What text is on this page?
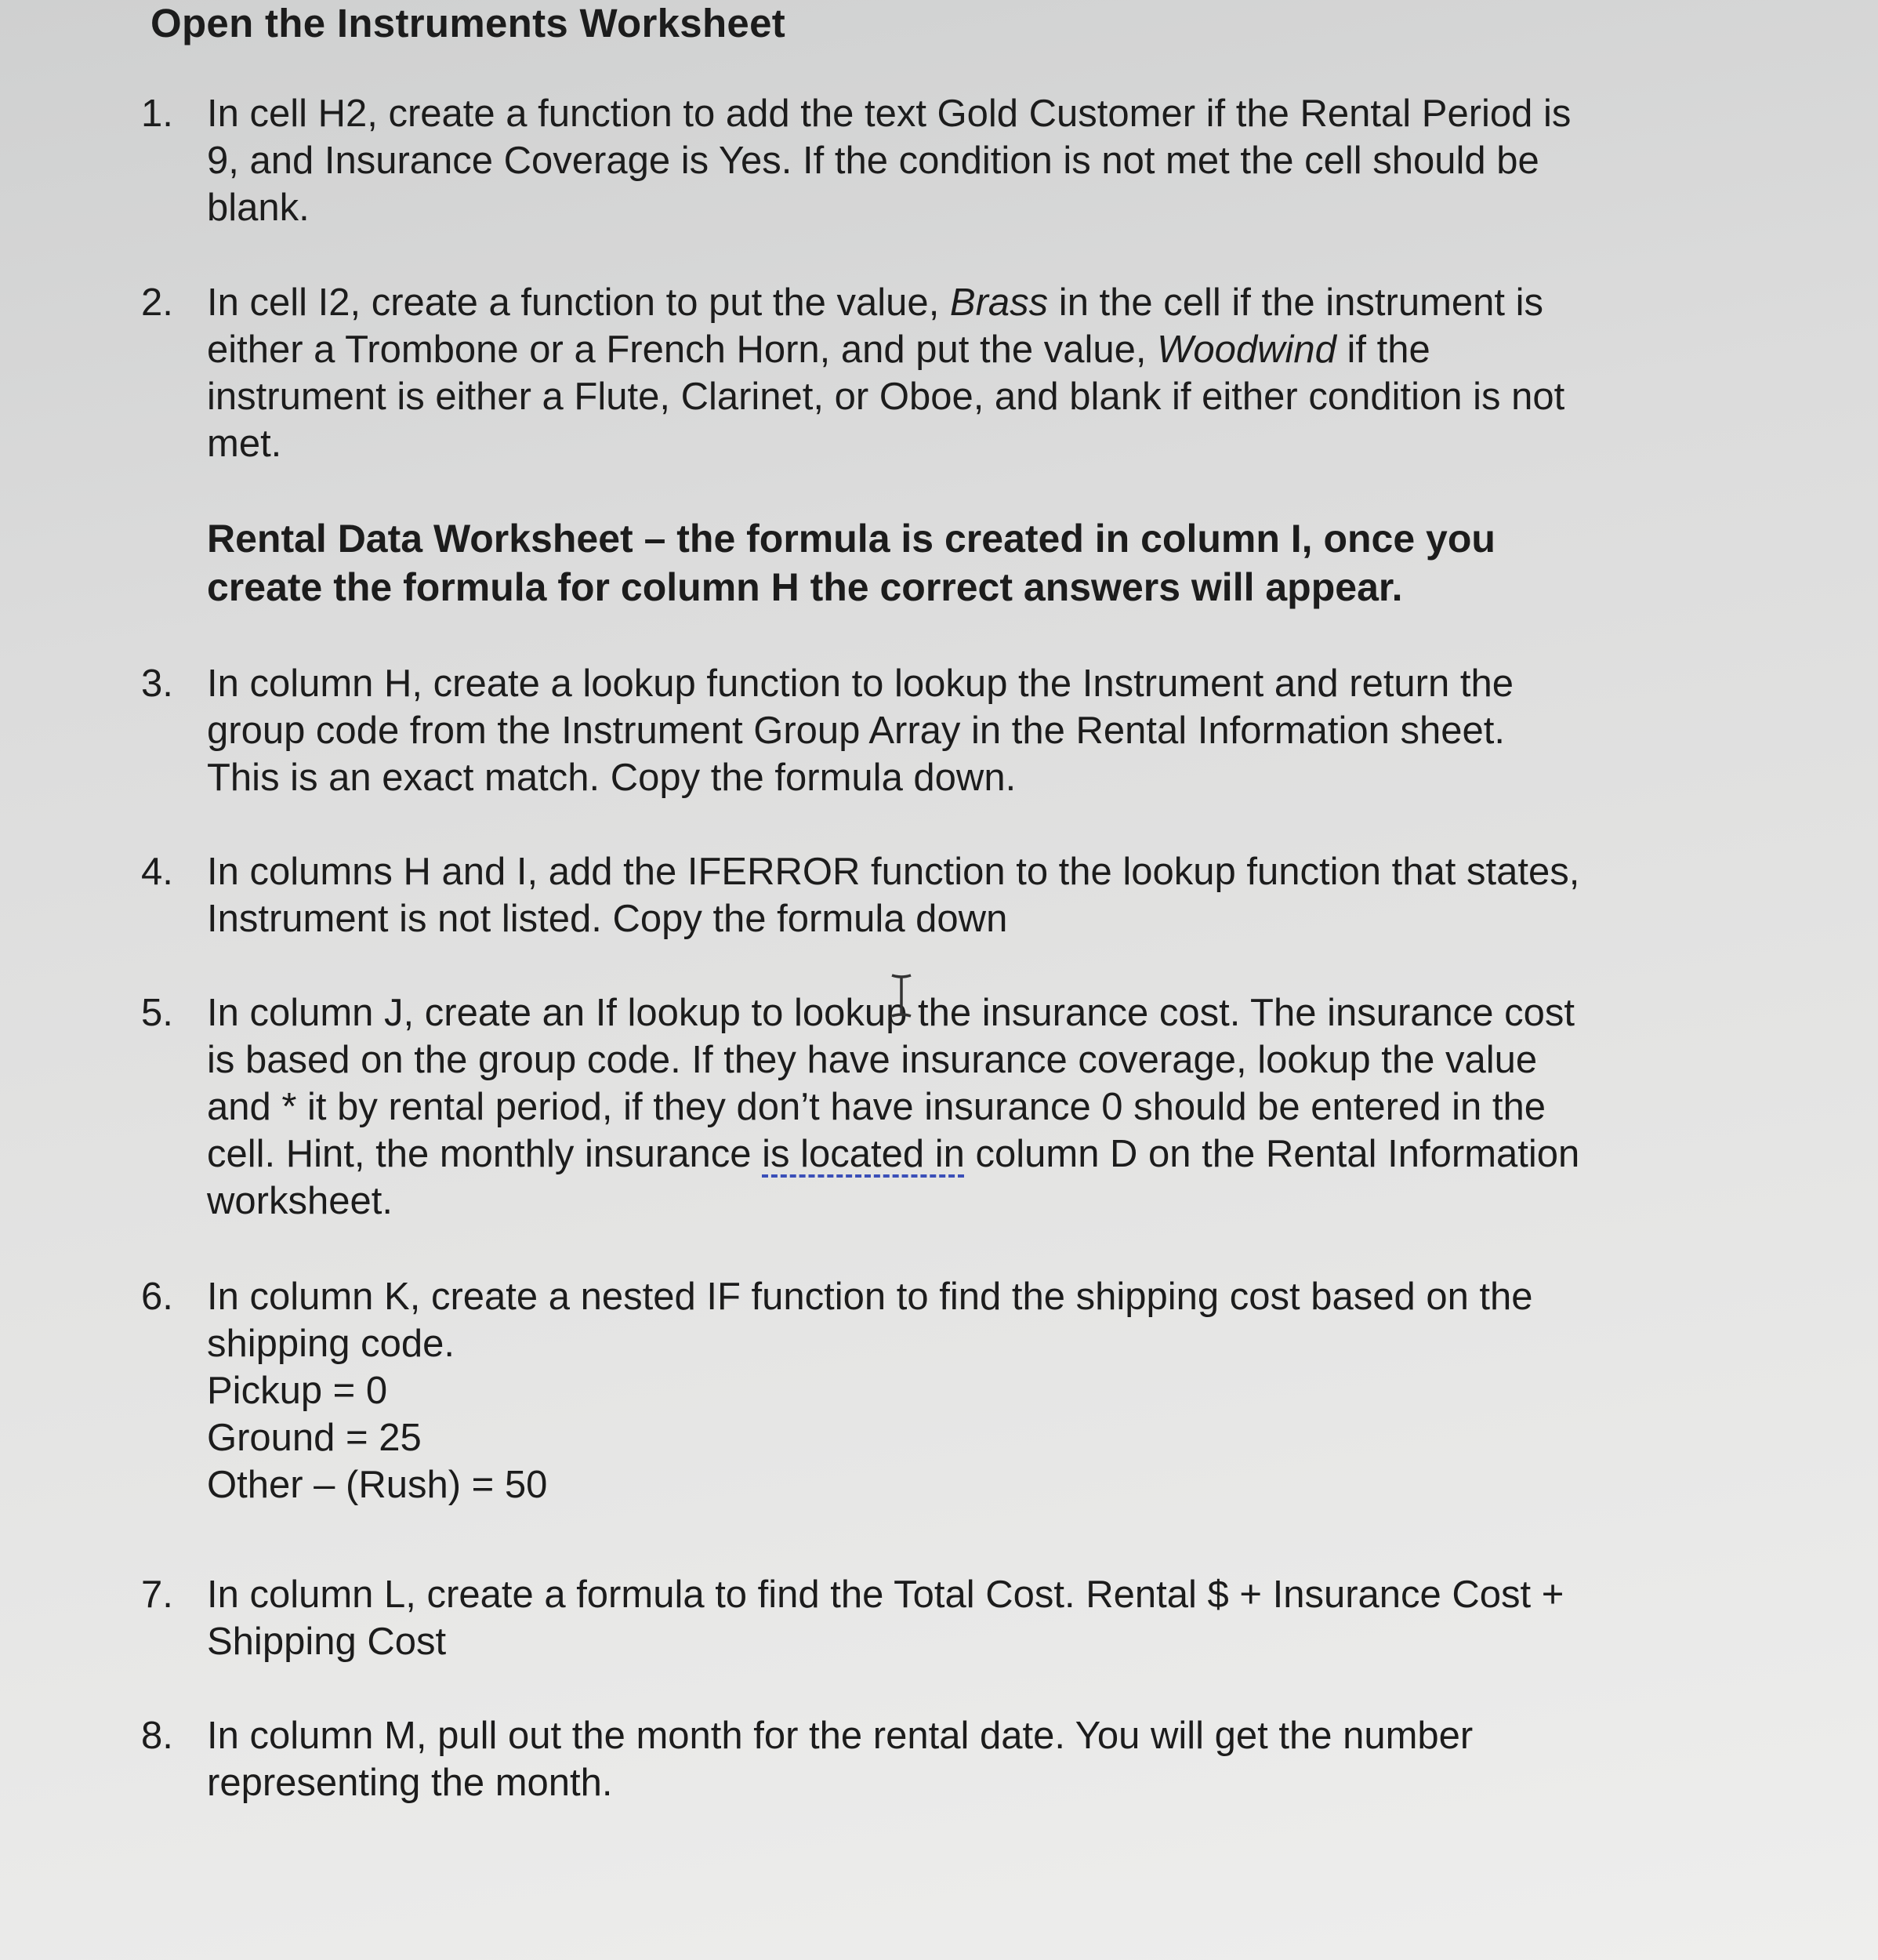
Open the Instruments Worksheet
1. In cell H2, create a function to add the text Gold Customer if the Rental Period is
9, and Insurance Coverage is Yes. If the condition is not met the cell should be
blank.
2. In cell I2, create a function to put the value, Brass in the cell if the instrument is
either a Trombone or a French Horn, and put the value, Woodwind if the
instrument is either a Flute, Clarinet, or Oboe, and blank if either condition is not
met.
Rental Data Worksheet – the formula is created in column I, once you
create the formula for column H the correct answers will appear.
3. In column H, create a lookup function to lookup the Instrument and return the
group code from the Instrument Group Array in the Rental Information sheet.
This is an exact match. Copy the formula down.
4. In columns H and I, add the IFERROR function to the lookup function that states,
Instrument is not listed. Copy the formula down
5. In column J, create an If lookup to lookup the insurance cost. The insurance cost
is based on the group code. If they have insurance coverage, lookup the value
and * it by rental period, if they don’t have insurance 0 should be entered in the
cell. Hint, the monthly insurance is located in column D on the Rental Information
worksheet.
6. In column K, create a nested IF function to find the shipping cost based on the
shipping code.
Pickup = 0
Ground = 25
Other – (Rush) = 50
7. In column L, create a formula to find the Total Cost. Rental $ + Insurance Cost +
Shipping Cost
8. In column M, pull out the month for the rental date. You will get the number
representing the month.
